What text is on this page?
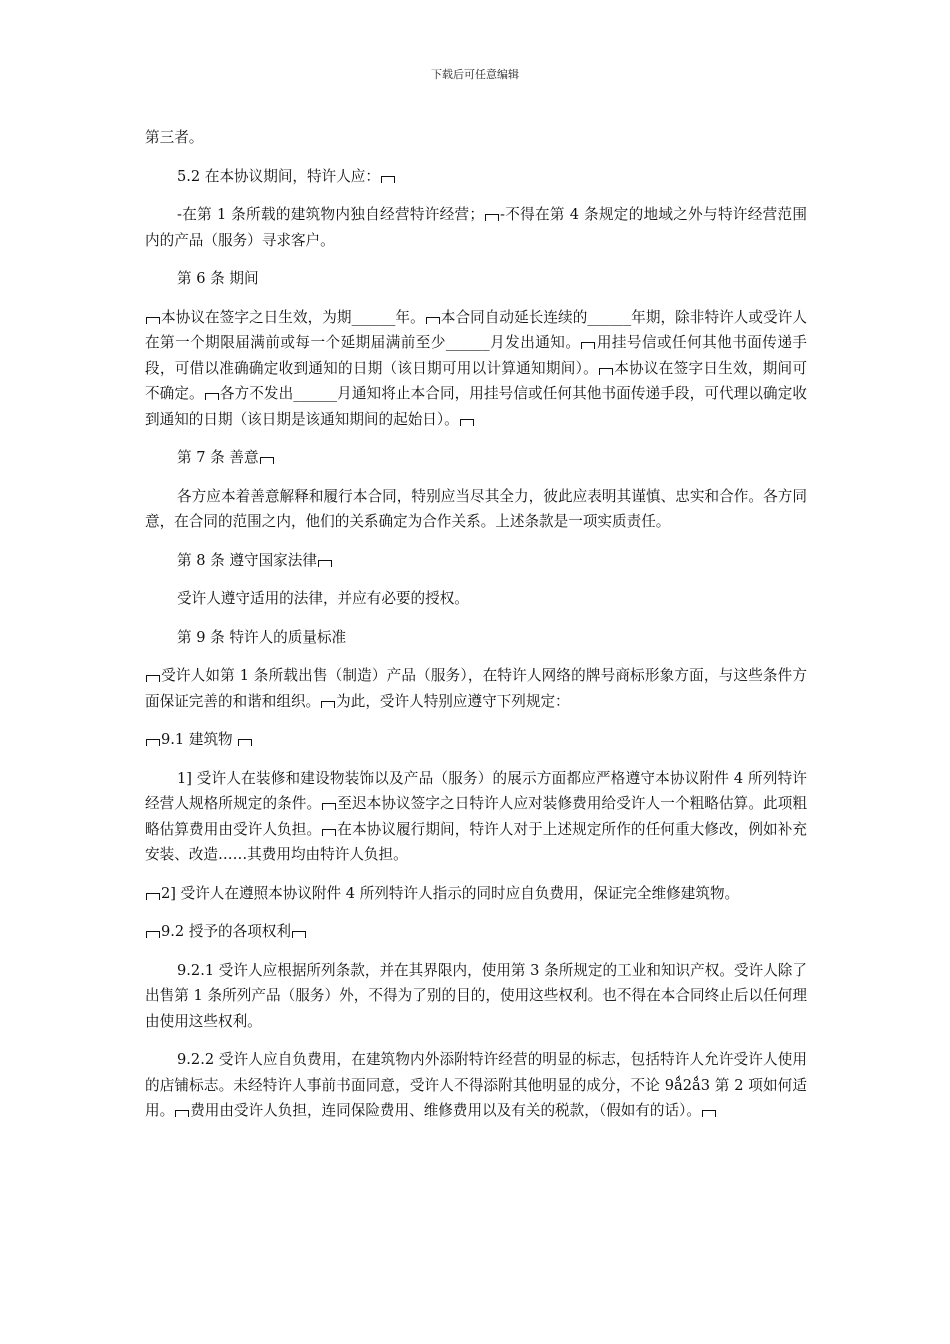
下载后可任意编辑

第三者。

5.2 在本协议期间，特许人应：

-在第 1 条所载的建筑物内独自经营特许经营； -不得在第 4 条规定的地域之外与特许经营范围内的产品（服务）寻求客户。

第 6 条 期间

本协议在签字之日生效，为期______年。 本合同自动延长连续的______年期，除非特许人或受许人在第一个期限届满前或每一个延期届满前至少______月发出通知。 用挂号信或任何其他书面传递手段，可借以准确确定收到通知的日期（该日期可用以计算通知期间）。 本协议在签字日生效，期间可不确定。 各方不发出______月通知将止本合同，用挂号信或任何其他书面传递手段，可代理以确定收到通知的日期（该日期是该通知期间的起始日）。

第 7 条 善意

各方应本着善意解释和履行本合同，特别应当尽其全力，彼此应表明其谨慎、忠实和合作。各方同意，在合同的范围之内，他们的关系确定为合作关系。上述条款是一项实质责任。

第 8 条 遵守国家法律

受许人遵守适用的法律，并应有必要的授权。

第 9 条 特许人的质量标准

受许人如第 1 条所载出售（制造）产品（服务），在特许人网络的牌号商标形象方面，与这些条件方面保证完善的和谐和组织。 为此，受许人特别应遵守下列规定：

9.1 建筑物

1] 受许人在装修和建设物装饰以及产品（服务）的展示方面都应严格遵守本协议附件 4 所列特许经营人规格所规定的条件。 至迟本协议签字之日特许人应对装修费用给受许人一个粗略估算。此项粗略估算费用由受许人负担。 在本协议履行期间，特许人对于上述规定所作的任何重大修改，例如补充安装、改造……其费用均由特许人负担。

2] 受许人在遵照本协议附件 4 所列特许人指示的同时应自负费用，保证完全维修建筑物。

9.2 授予的各项权利

9.2.1 受许人应根据所列条款，并在其界限内，使用第 3 条所规定的工业和知识产权。受许人除了出售第 1 条所列产品（服务）外，不得为了别的目的，使用这些权利。也不得在本合同终止后以任何理由使用这些权利。

9.2.2 受许人应自负费用，在建筑物内外添附特许经营的明显的标志，包括特许人允许受许人使用的店铺标志。未经特许人事前书面同意，受许人不得添附其他明显的成分，不论 9ǻ2ǻ3 第 2 项如何适用。 费用由受许人负担，连同保险费用、维修费用以及有关的税款，（假如有的话）。
